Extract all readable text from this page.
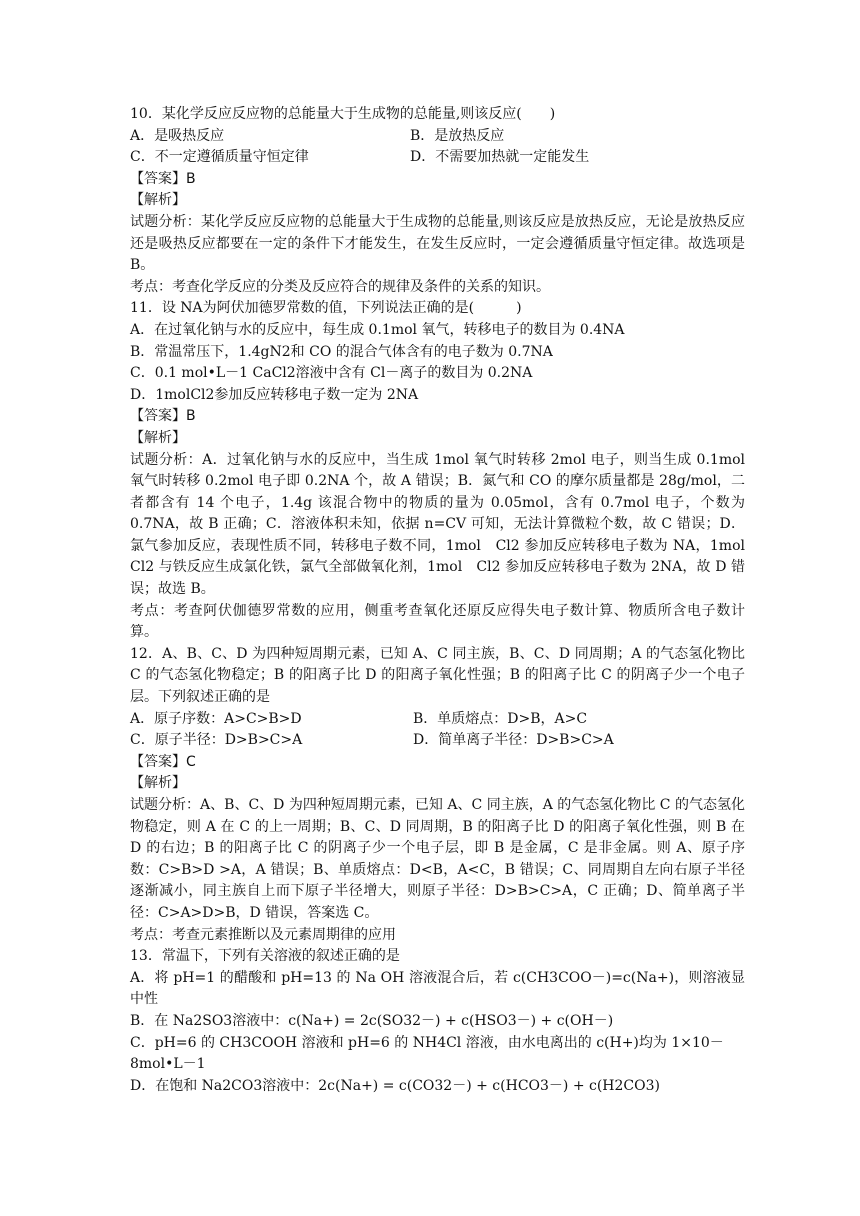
10．某化学反应反应物的总能量大于生成物的总能量,则该反应(　　)
A．是吸热反应	B．是放热反应
C．不一定遵循质量守恒定律	D．不需要加热就一定能发生
【答案】B
【解析】
试题分析：某化学反应反应物的总能量大于生成物的总能量,则该反应是放热反应，无论是放热反应还是吸热反应都要在一定的条件下才能发生，在发生反应时，一定会遵循质量守恒定律。故选项是B。
考点：考查化学反应的分类及反应符合的规律及条件的关系的知识。
11．设 NA为阿伏加德罗常数的值，下列说法正确的是(　　　)
A．在过氧化钠与水的反应中，每生成 0.1mol 氧气，转移电子的数目为 0.4NA
B．常温常压下，1.4gN2和 CO 的混合气体含有的电子数为 0.7NA
C．0.1 mol•L－1 CaCl2溶液中含有 Cl－离子的数目为 0.2NA
D．1molCl2参加反应转移电子数一定为 2NA
【答案】B
【解析】
试题分析：A．过氧化钠与水的反应中，当生成 1mol 氧气时转移 2mol 电子，则当生成 0.1mol 氧气时转移 0.2mol 电子即 0.2NA 个，故 A 错误；B．氮气和 CO 的摩尔质量都是 28g/mol，二者都含有 14 个电子，1.4g 该混合物中的物质的量为 0.05mol，含有 0.7mol 电子，个数为 0.7NA，故 B 正确；C．溶液体积未知，依据 n=CV 可知，无法计算微粒个数，故 C 错误；D．氯气参加反应，表现性质不同，转移电子数不同，1mol　Cl2 参加反应转移电子数为 NA，1mol　Cl2 与铁反应生成氯化铁，氯气全部做氧化剂，1mol　Cl2 参加反应转移电子数为 2NA，故 D 错误；故选 B。
考点：考查阿伏伽德罗常数的应用，侧重考查氧化还原反应得失电子数计算、物质所含电子数计算。
12．A、B、C、D 为四种短周期元素，已知 A、C 同主族，B、C、D 同周期；A 的气态氢化物比 C 的气态氢化物稳定；B 的阳离子比 D 的阳离子氧化性强；B 的阳离子比 C 的阴离子少一个电子层。下列叙述正确的是
A．原子序数：A>C>B>D	B．单质熔点：D>B，A>C
C．原子半径：D>B>C>A	D．简单离子半径：D>B>C>A
【答案】C
【解析】
试题分析：A、B、C、D 为四种短周期元素，已知 A、C 同主族，A 的气态氢化物比 C 的气态氢化物稳定，则 A 在 C 的上一周期；B、C、D 同周期，B 的阳离子比 D 的阳离子氧化性强，则 B 在 D 的右边；B 的阳离子比 C 的阴离子少一个电子层，即 B 是金属，C 是非金属。则 A、原子序数：C>B>D >A，A 错误；B、单质熔点：D<B，A<C，B 错误；C、同周期自左向右原子半径逐渐减小，同主族自上而下原子半径增大，则原子半径：D>B>C>A，C 正确；D、简单离子半径：C>A>D>B，D 错误，答案选 C。
考点：考查元素推断以及元素周期律的应用
13．常温下，下列有关溶液的叙述正确的是
A．将 pH=1 的醋酸和 pH=13 的 Na OH 溶液混合后，若 c(CH3COO－)=c(Na+)，则溶液显中性
B．在 Na2SO3溶液中：c(Na+) = 2c(SO32－) + c(HSO3－) + c(OH－)
C．pH=6 的 CH3COOH 溶液和 pH=6 的 NH4Cl 溶液，由水电离出的 c(H+)均为 1×10－8mol•L－1
D．在饱和 Na2CO3溶液中：2c(Na+) = c(CO32－) + c(HCO3－) + c(H2CO3)
